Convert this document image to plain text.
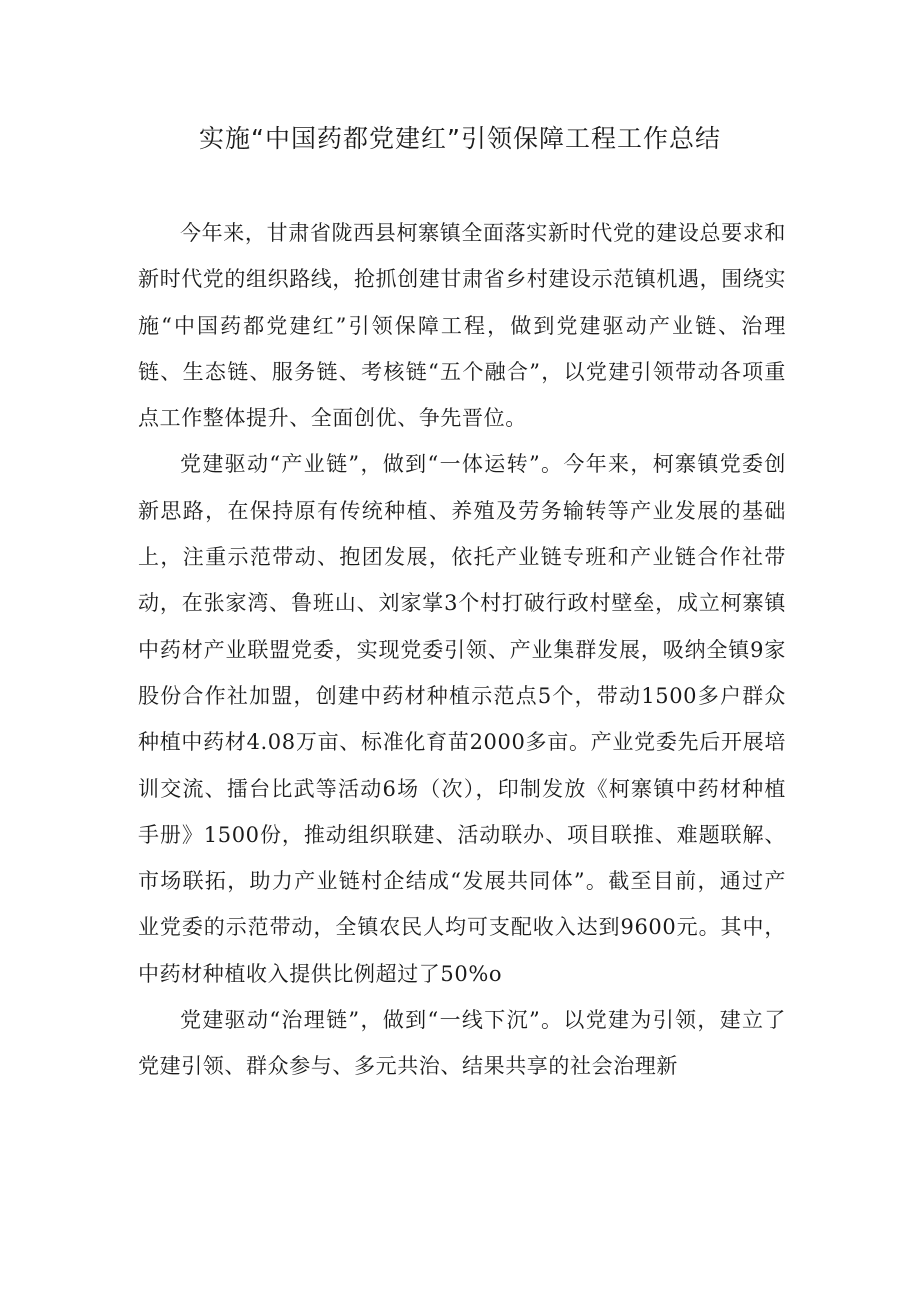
实施“中国药都党建红”引领保障工程工作总结

今年来，甘肃省陇西县柯寨镇全面落实新时代党的建设总要求和新时代党的组织路线，抢抓创建甘肃省乡村建设示范镇机遇，围绕实施“中国药都党建红”引领保障工程，做到党建驱动产业链、治理链、生态链、服务链、考核链“五个融合”，以党建引领带动各项重点工作整体提升、全面创优、争先晋位。

党建驱动“产业链”，做到“一体运转”。今年来，柯寨镇党委创新思路，在保持原有传统种植、养殖及劳务输转等产业发展的基础上，注重示范带动、抱团发展，依托产业链专班和产业链合作社带动，在张家湾、鲁班山、刘家掌3个村打破行政村壁垒，成立柯寨镇中药材产业联盟党委，实现党委引领、产业集群发展，吸纳全镇9家股份合作社加盟，创建中药材种植示范点5个，带动1500多户群众种植中药材4.08万亩、标准化育苗2000多亩。产业党委先后开展培训交流、擂台比武等活动6场（次），印制发放《柯寨镇中药材种植手册》1500份，推动组织联建、活动联办、项目联推、难题联解、市场联拓，助力产业链村企结成“发展共同体”。截至目前，通过产业党委的示范带动，全镇农民人均可支配收入达到9600元。其中，中药材种植收入提供比例超过了50%o

党建驱动“治理链”，做到“一线下沉”。以党建为引领，建立了党建引领、群众参与、多元共治、结果共享的社会治理新
